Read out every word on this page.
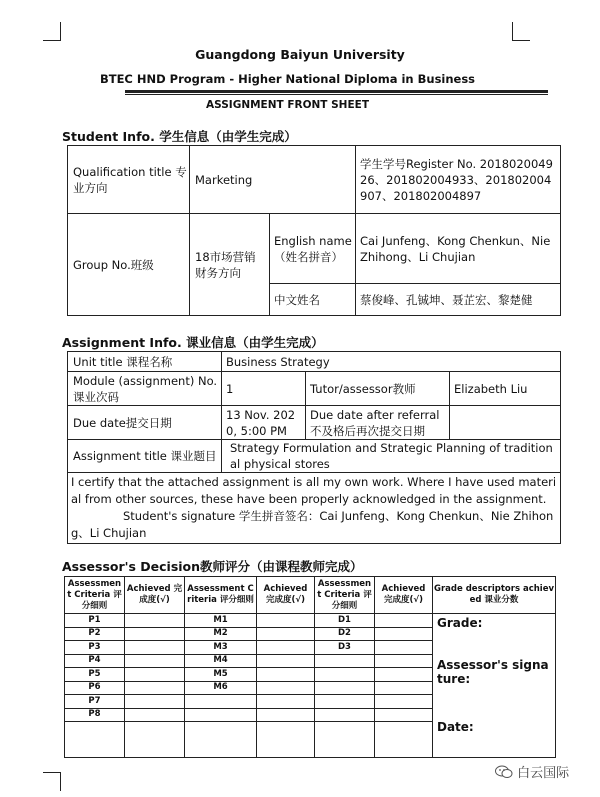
Guangdong Baiyun University
BTEC HND Program - Higher National Diploma in Business
ASSIGNMENT FRONT SHEET
Student Info. 学生信息（由学生完成）
Qualification title 专业方向	Marketing		学生学号Register No. 20180200492​6、201802004933、201802004907、20180200489​7
Group No.班级	18市场营销财务方向	English name （姓名拼音）	Cai Junfeng、Kong Chenkun、Nie Zhihong、Li Chujian
		中文姓名	蔡俊峰、孔铖坤、聂芷宏、黎楚健
Assignment Info. 课业信息（由学生完成）
Unit title 课程名称	Business Strategy		
Module (assignment) No. 课业次码	1	Tutor/assessor教师	Elizabeth Liu
Due date提交日期	13 Nov. 2020, 5:00 PM	Due date after referral 不及格后再次提交日期	
Assignment title 课业题目	Strategy Formulation and Strategic Planning of traditional physical stores		

I certify that the attached assignment is all my own work. Where I have used material from other sources, these have been properly acknowledged in the assignment.
Student's signature 学生拼音签名：Cai Junfeng、Kong Chenkun、Nie Zhihong、Li Chujian			
Assessor's Decision教师评分（由课程教师完成）
Assessment Criteria 评分细则	Achieved 完成度(√)	Assessment Criteria 评分细则	Achieved 完成度(√)	Assessment Criteria 评分细则	Achieved 完成度(√)	Grade descriptors achieved 课业分数
P1		M1		D1		Grade:
Assessor's signature:
Date:

P2		M2		D2		
P3		M3		D3		
P4		M4				
P5		M5				
P6		M6				
P7						
P8						

白云国际
